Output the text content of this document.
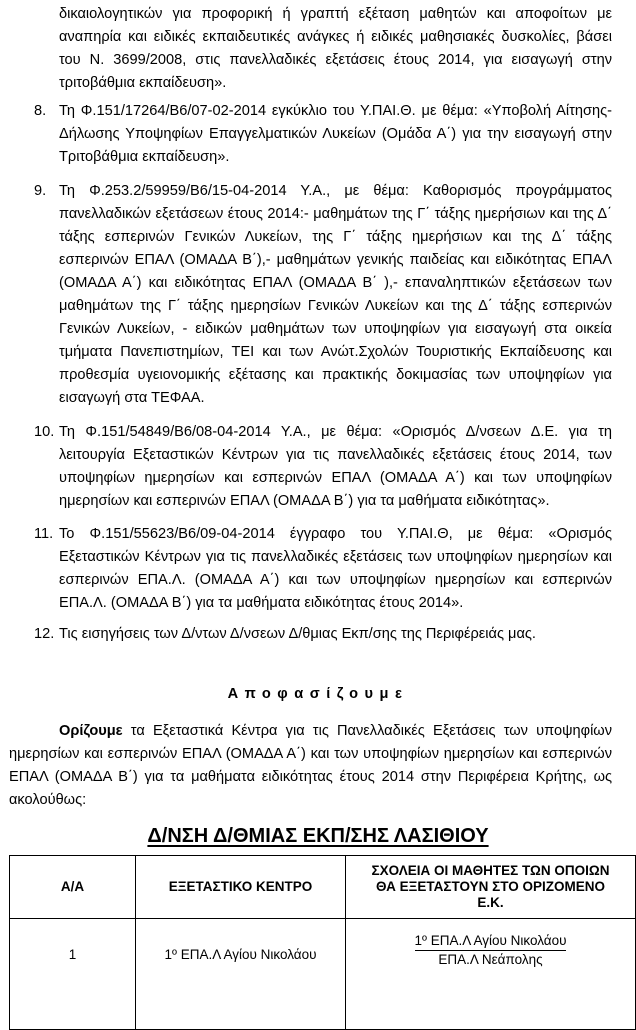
δικαιολογητικών για προφορική ή γραπτή εξέταση μαθητών και αποφοίτων με
αναπηρία και ειδικές εκπαιδευτικές ανάγκες ή ειδικές μαθησιακές δυσκολίες, βάσει
του Ν. 3699/2008, στις πανελλαδικές εξετάσεις έτους 2014, για εισαγωγή στην
τριτοβάθμια εκπαίδευση».
8. Τη Φ.151/17264/Β6/07-02-2014 εγκύκλιο του Υ.ΠΑΙ.Θ. με θέμα: «Υποβολή Αίτησης-
Δήλωσης Υποψηφίων Επαγγελματικών Λυκείων (Ομάδα Α΄) για την εισαγωγή στην
Τριτοβάθμια εκπαίδευση».
9. Τη Φ.253.2/59959/Β6/15-04-2014 Υ.Α., με θέμα: Καθορισμός προγράμματος
πανελλαδικών εξετάσεων έτους 2014:- μαθημάτων της Γ΄ τάξης ημερήσιων και της Δ΄
τάξης εσπερινών Γενικών Λυκείων, της Γ΄ τάξης ημερήσιων και της Δ΄ τάξης
εσπερινών ΕΠΑΛ (ΟΜΑΔΑ Β΄),- μαθημάτων γενικής παιδείας και ειδικότητας ΕΠΑΛ
(ΟΜΑΔΑ Α΄) και ειδικότητας ΕΠΑΛ (ΟΜΑΔΑ Β΄ ),- επαναληπτικών εξετάσεων των
μαθημάτων της Γ΄ τάξης ημερησίων Γενικών Λυκείων και της Δ΄ τάξης εσπερινών
Γενικών Λυκείων, - ειδικών μαθημάτων των υποψηφίων για εισαγωγή στα οικεία
τμήματα Πανεπιστημίων, ΤΕΙ και των Ανώτ.Σχολών Τουριστικής Εκπαίδευσης και
προθεσμία υγειονομικής εξέτασης και πρακτικής δοκιμασίας των υποψηφίων για
εισαγωγή στα ΤΕΦΑΑ.
10. Τη Φ.151/54849/Β6/08-04-2014 Υ.Α., με θέμα: «Ορισμός Δ/νσεων Δ.Ε. για τη
λειτουργία Εξεταστικών Κέντρων για τις πανελλαδικές εξετάσεις έτους 2014, των
υποψηφίων ημερησίων και εσπερινών ΕΠΑΛ (ΟΜΑΔΑ Α΄) και των υποψηφίων
ημερησίων και εσπερινών ΕΠΑΛ (ΟΜΑΔΑ Β΄) για τα μαθήματα ειδικότητας».
11. Το Φ.151/55623/Β6/09-04-2014 έγγραφο του Υ.ΠΑΙ.Θ, με θέμα: «Ορισμός
Εξεταστικών Κέντρων για τις πανελλαδικές εξετάσεις των υποψηφίων ημερησίων και
εσπερινών ΕΠΑ.Λ. (ΟΜΑΔΑ Α΄) και των υποψηφίων ημερησίων και εσπερινών
ΕΠΑ.Λ. (ΟΜΑΔΑ Β΄) για τα μαθήματα ειδικότητας έτους 2014».
12. Τις εισηγήσεις των Δ/ντων Δ/νσεων Δ/θμιας Εκπ/σης της Περιφέρειάς μας.
Αποφασίζουμε
Ορίζουμε τα Εξεταστικά Κέντρα για τις Πανελλαδικές Εξετάσεις των υποψηφίων
ημερησίων και εσπερινών ΕΠΑΛ (ΟΜΑΔΑ Α΄) και των υποψηφίων ημερησίων και εσπερινών
ΕΠΑΛ (ΟΜΑΔΑ Β΄) για τα μαθήματα ειδικότητας έτους 2014 στην Περιφέρεια Κρήτης, ως
ακολούθως:
Δ/ΝΣΗ Δ/ΘΜΙΑΣ ΕΚΠ/ΣΗΣ ΛΑΣΙΘΙΟΥ
Α/Α	ΕΞΕΤΑΣΤΙΚΟ ΚΕΝΤΡΟ	ΣΧΟΛΕΙΑ ΟΙ ΜΑΘΗΤΕΣ ΤΩΝ ΟΠΟΙΩΝ
ΘΑ ΕΞΕΤΑΣΤΟΥΝ ΣΤΟ ΟΡΙΖΟΜΕΝΟ
Ε.Κ.

1	1º ΕΠΑ.Λ Αγίου Νικολάου	1º ΕΠΑ.Λ Αγίου Νικολάου
ΕΠΑ.Λ Νεάπολης
